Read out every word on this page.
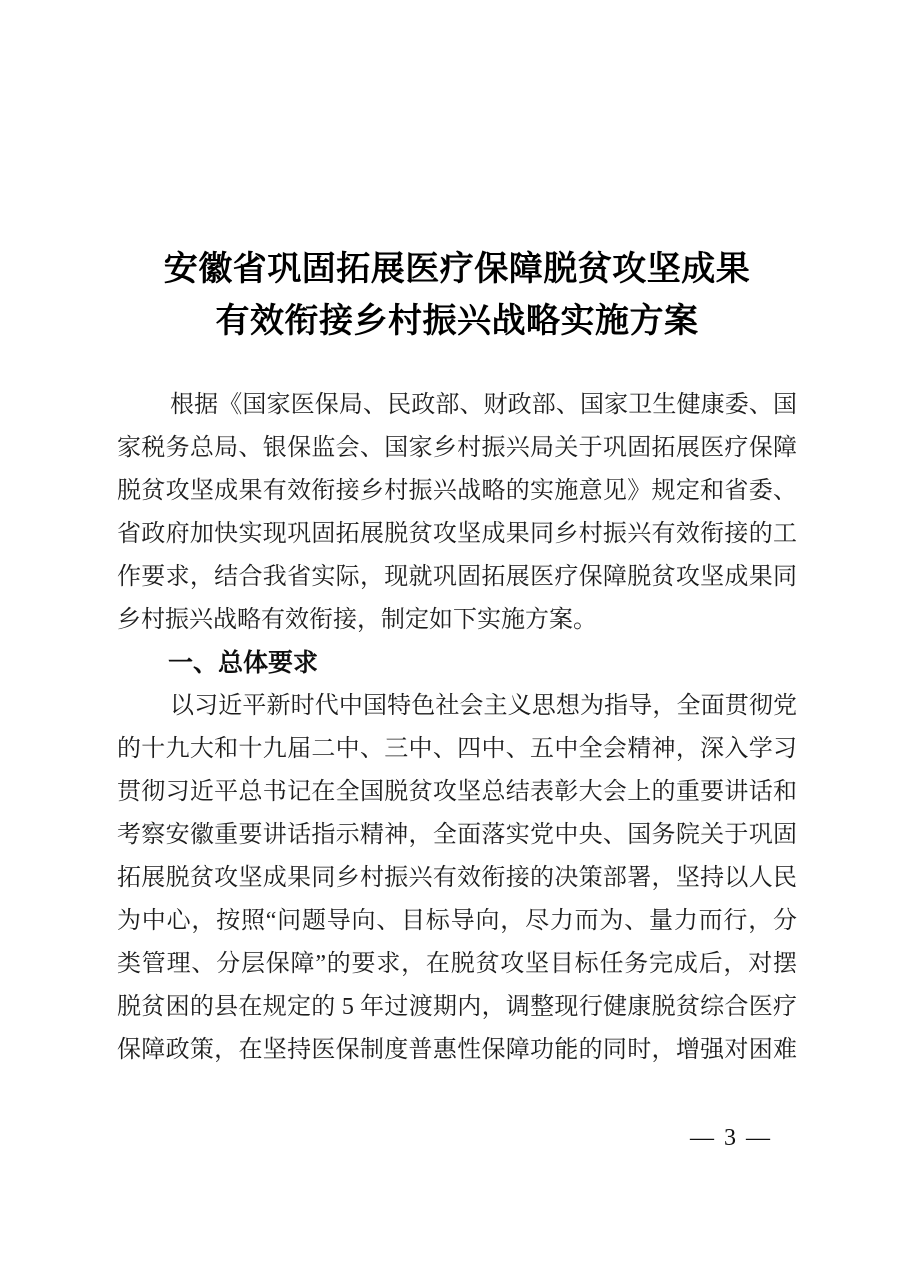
安徽省巩固拓展医疗保障脱贫攻坚成果
有效衔接乡村振兴战略实施方案
根据《国家医保局、民政部、财政部、国家卫生健康委、国
家税务总局、银保监会、国家乡村振兴局关于巩固拓展医疗保障
脱贫攻坚成果有效衔接乡村振兴战略的实施意见》规定和省委、
省政府加快实现巩固拓展脱贫攻坚成果同乡村振兴有效衔接的工
作要求，结合我省实际，现就巩固拓展医疗保障脱贫攻坚成果同
乡村振兴战略有效衔接，制定如下实施方案。
一、总体要求
以习近平新时代中国特色社会主义思想为指导，全面贯彻党
的十九大和十九届二中、三中、四中、五中全会精神，深入学习
贯彻习近平总书记在全国脱贫攻坚总结表彰大会上的重要讲话和
考察安徽重要讲话指示精神，全面落实党中央、国务院关于巩固
拓展脱贫攻坚成果同乡村振兴有效衔接的决策部署，坚持以人民
为中心，按照“问题导向、目标导向，尽力而为、量力而行，分
类管理、分层保障”的要求，在脱贫攻坚目标任务完成后，对摆
脱贫困的县在规定的 5 年过渡期内，调整现行健康脱贫综合医疗
保障政策，在坚持医保制度普惠性保障功能的同时，增强对困难
— 3 —
